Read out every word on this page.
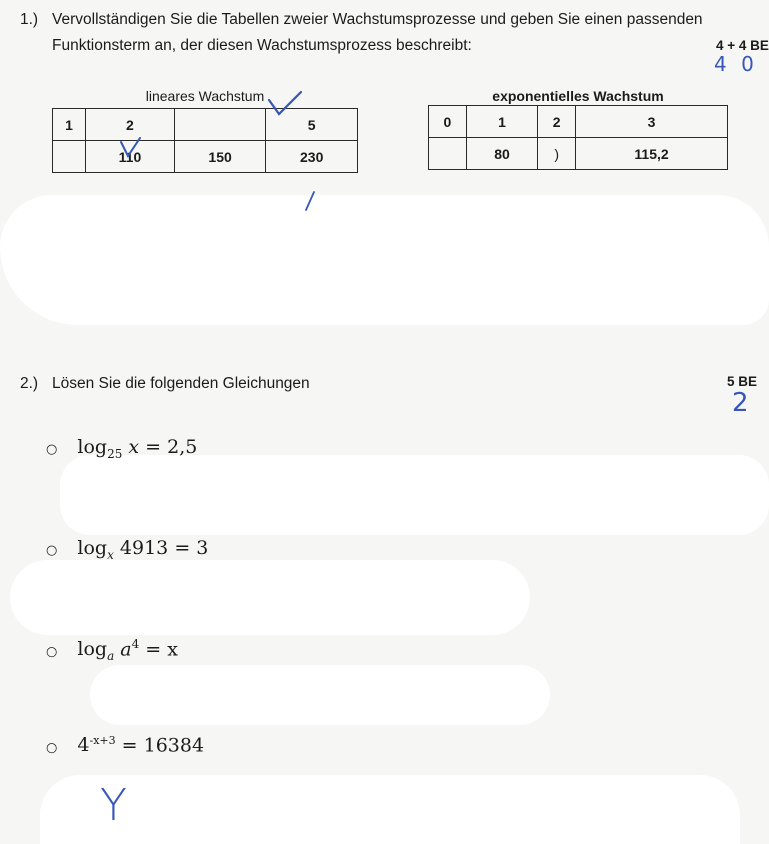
1.) Vervollständigen Sie die Tabellen zweier Wachstumsprozesse und geben Sie einen passenden
Funktionsterm an, der diesen Wachstumsprozess beschreibt:	4 + 4 BE
4 0
lineares Wachstum
1	2		5
	110	150	230
exponentielles Wachstum
0	1	2	3
	80	)	115,2
2.) Lösen Sie die folgenden Gleichungen	5 BE
2
○ $\log_{25} x = 2,5$
○ $\log_x 4913 = 3$
○ $\log_a a^4 = x$
○ $4^{-x+3} = 16384$
Y
